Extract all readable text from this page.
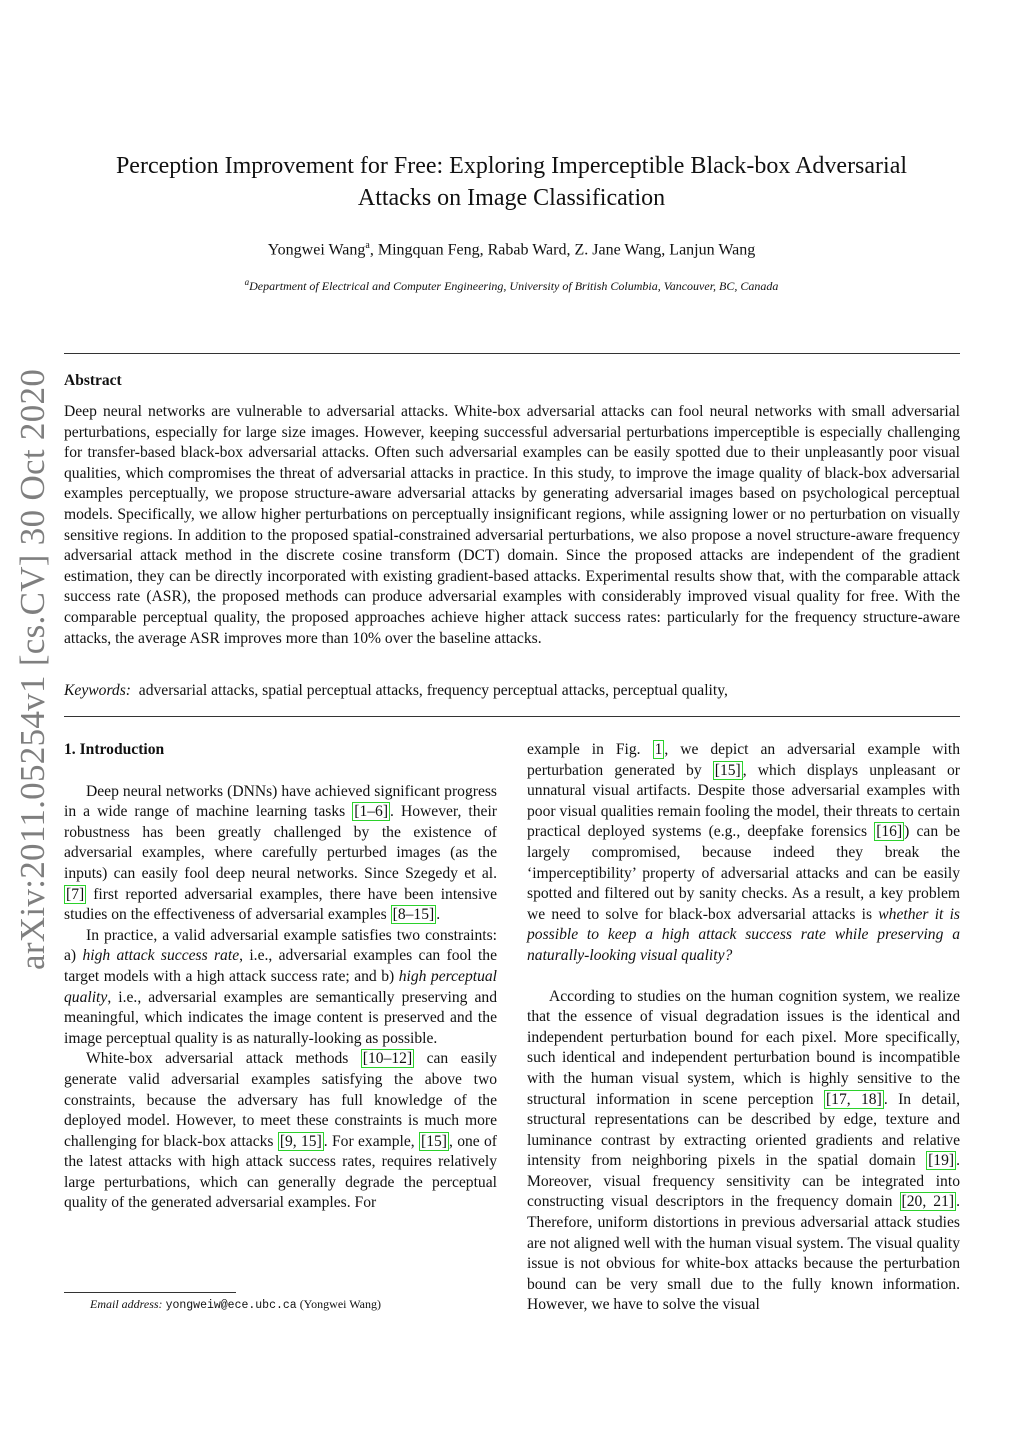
arXiv:2011.05254v1 [cs.CV] 30 Oct 2020
Perception Improvement for Free: Exploring Imperceptible Black-box Adversarial
Attacks on Image Classification
Yongwei Wang$^a$, Mingquan Feng, Rabab Ward, Z. Jane Wang, Lanjun Wang
$^a$Department of Electrical and Computer Engineering, University of British Columbia, Vancouver, BC, Canada
Abstract
Deep neural networks are vulnerable to adversarial attacks. White-box adversarial attacks can fool neural networks with small adversarial perturbations, especially for large size images. However, keeping successful adversarial perturbations imperceptible is especially challenging for transfer-based black-box adversarial attacks. Often such adversarial examples can be easily spotted due to their unpleasantly poor visual qualities, which compromises the threat of adversarial attacks in practice. In this study, to improve the image quality of black-box adversarial examples perceptually, we propose structure-aware adversarial attacks by generating adversarial images based on psychological perceptual models. Specifically, we allow higher perturbations on perceptually insignificant regions, while assigning lower or no perturbation on visually sensitive regions. In addition to the proposed spatial-constrained adversarial perturbations, we also propose a novel structure-aware frequency adversarial attack method in the discrete cosine transform (DCT) domain. Since the proposed attacks are independent of the gradient estimation, they can be directly incorporated with existing gradient-based attacks. Experimental results show that, with the comparable attack success rate (ASR), the proposed methods can produce adversarial examples with considerably improved visual quality for free. With the comparable perceptual quality, the proposed approaches achieve higher attack success rates: particularly for the frequency structure-aware attacks, the average ASR improves more than 10% over the baseline attacks.
Keywords: adversarial attacks, spatial perceptual attacks, frequency perceptual attacks, perceptual quality,
1. Introduction

Deep neural networks (DNNs) have achieved significant progress in a wide range of machine learning tasks [1–6] . However, their robustness has been greatly challenged by the existence of adversarial examples, where carefully perturbed images (as the inputs) can easily fool deep neural networks. Since Szegedy et al. [7] first reported adversarial examples, there have been intensive studies on the effectiveness of adversarial examples [8–15] .

In practice, a valid adversarial example satisfies two constraints: a) high attack success rate, i.e., adversarial examples can fool the target models with a high attack success rate; and b) high perceptual quality, i.e., adversarial examples are semantically preserving and meaningful, which indicates the image content is preserved and the image perceptual quality is as naturally-looking as possible.

White-box adversarial attack methods [10–12] can easily generate valid adversarial examples satisfying the above two constraints, because the adversary has full knowledge of the deployed model. However, to meet these constraints is much more challenging for black-box attacks [9, 15] . For example, [15] , one of the latest attacks with high attack success rates, requires relatively large perturbations, which can generally degrade the perceptual quality of the generated adversarial examples. For

example in Fig. 1 , we depict an adversarial example with perturbation generated by [15] , which displays unpleasant or unnatural visual artifacts. Despite those adversarial examples with poor visual qualities remain fooling the model, their threats to certain practical deployed systems (e.g., deepfake forensics [16] ) can be largely compromised, because indeed they break the ‘imperceptibility’ property of adversarial attacks and can be easily spotted and filtered out by sanity checks. As a result, a key problem we need to solve for black-box adversarial attacks is whether it is possible to keep a high attack success rate while preserving a naturally-looking visual quality?

According to studies on the human cognition system, we realize that the essence of visual degradation issues is the identical and independent perturbation bound for each pixel. More specifically, such identical and independent perturbation bound is incompatible with the human visual system, which is highly sensitive to the structural information in scene perception [17, 18] . In detail, structural representations can be described by edge, texture and luminance contrast by extracting oriented gradients and relative intensity from neighboring pixels in the spatial domain [19] . Moreover, visual frequency sensitivity can be integrated into constructing visual descriptors in the frequency domain [20, 21] . Therefore, uniform distortions in previous adversarial attack studies are not aligned well with the human visual system. The visual quality issue is not obvious for white-box attacks because the perturbation bound can be very small due to the fully known information. However, we have to solve the visual

Email address: yongweiw@ece.ubc.ca (Yongwei Wang)
